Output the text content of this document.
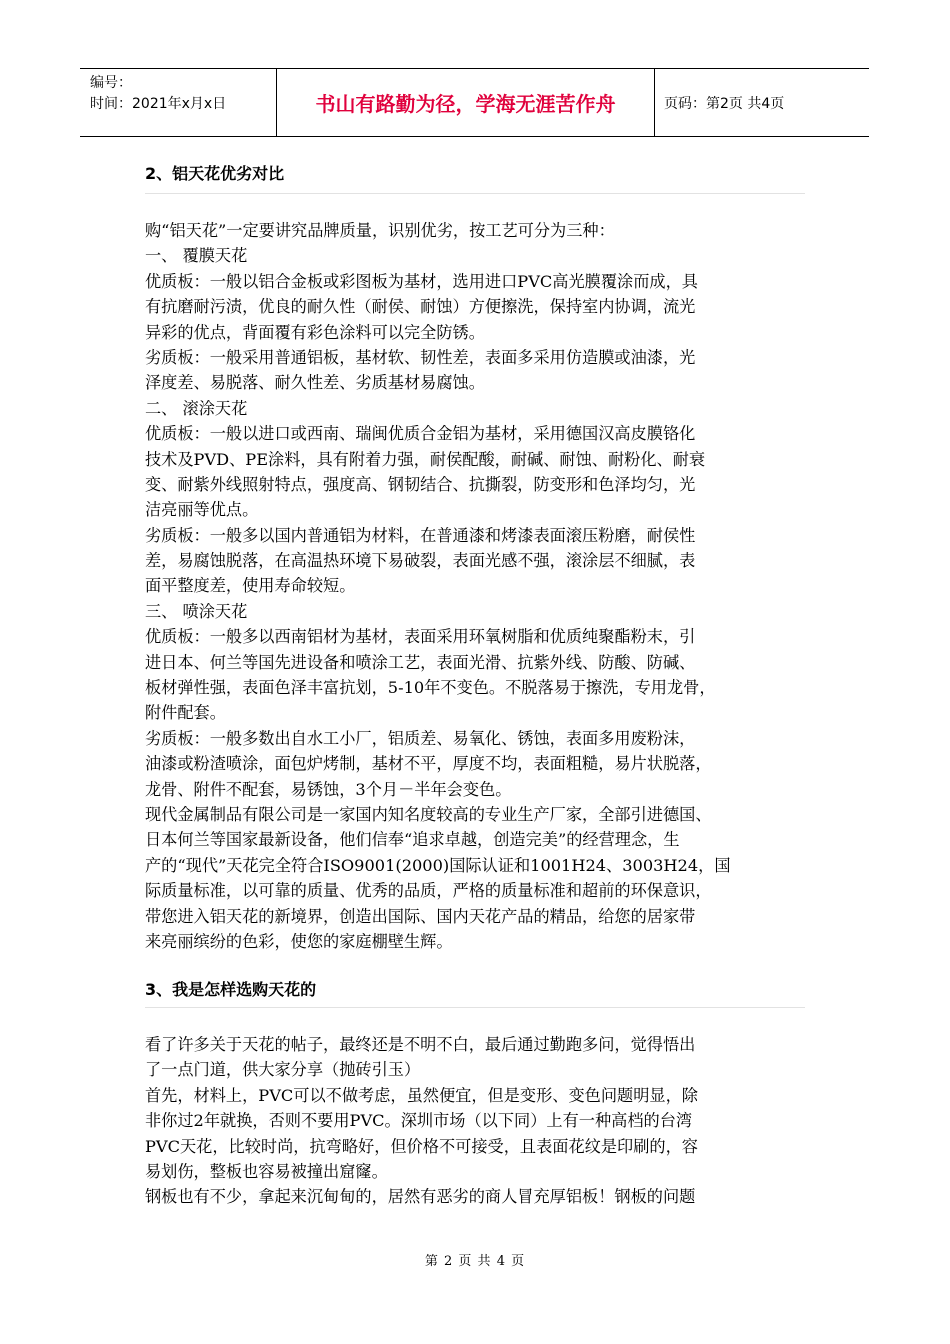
编号：
时间：2021年x月x日	书山有路勤为径，学海无涯苦作舟	页码：第2页 共4页
2、铝天花优劣对比
购“铝天花”一定要讲究品牌质量，识别优劣，按工艺可分为三种：
一、 覆膜天花
优质板：一般以铝合金板或彩图板为基材，选用进口PVC高光膜覆涂而成，具
有抗磨耐污渍，优良的耐久性（耐侯、耐蚀）方便擦洗，保持室内协调，流光
异彩的优点，背面覆有彩色涂料可以完全防锈。
劣质板：一般采用普通铝板，基材软、韧性差，表面多采用仿造膜或油漆，光
泽度差、易脱落、耐久性差、劣质基材易腐蚀。
二、 滚涂天花
优质板：一般以进口或西南、瑞闽优质合金铝为基材，采用德国汉高皮膜铬化
技术及PVD、PE涂料，具有附着力强，耐侯配酸，耐碱、耐蚀、耐粉化、耐衰
变、耐紫外线照射特点，强度高、钢韧结合、抗撕裂，防变形和色泽均匀，光
洁亮丽等优点。
劣质板：一般多以国内普通铝为材料，在普通漆和烤漆表面滚压粉磨，耐侯性
差，易腐蚀脱落，在高温热环境下易破裂，表面光感不强，滚涂层不细腻，表
面平整度差，使用寿命较短。
三、 喷涂天花
优质板：一般多以西南铝材为基材，表面采用环氧树脂和优质纯聚酯粉末，引
进日本、何兰等国先进设备和喷涂工艺，表面光滑、抗紫外线、防酸、防碱、
板材弹性强，表面色泽丰富抗划，5-10年不变色。不脱落易于擦洗，专用龙骨，
附件配套。
劣质板：一般多数出自水工小厂，铝质差、易氧化、锈蚀，表面多用废粉沫，
油漆或粉渣喷涂，面包炉烤制，基材不平，厚度不均，表面粗糙，易片状脱落，
龙骨、附件不配套，易锈蚀，3个月－半年会变色。
现代金属制品有限公司是一家国内知名度较高的专业生产厂家，全部引进德国、
日本何兰等国家最新设备，他们信奉“追求卓越，创造完美”的经营理念，生
产的“现代”天花完全符合ISO9001(2000)国际认证和1001H24、3003H24，国
际质量标准，以可靠的质量、优秀的品质，严格的质量标准和超前的环保意识，
带您进入铝天花的新境界，创造出国际、国内天花产品的精品，给您的居家带
来亮丽缤纷的色彩，使您的家庭棚壁生辉。
3、我是怎样选购天花的
看了许多关于天花的帖子，最终还是不明不白，最后通过勤跑多问，觉得悟出
了一点门道，供大家分享（抛砖引玉）
首先，材料上，PVC可以不做考虑，虽然便宜，但是变形、变色问题明显，除
非你过2年就换，否则不要用PVC。深圳市场（以下同）上有一种高档的台湾
PVC天花，比较时尚，抗弯略好，但价格不可接受，且表面花纹是印刷的，容
易划伤，整板也容易被撞出窟窿。
钢板也有不少，拿起来沉甸甸的，居然有恶劣的商人冒充厚铝板！钢板的问题
第 2 页 共 4 页
